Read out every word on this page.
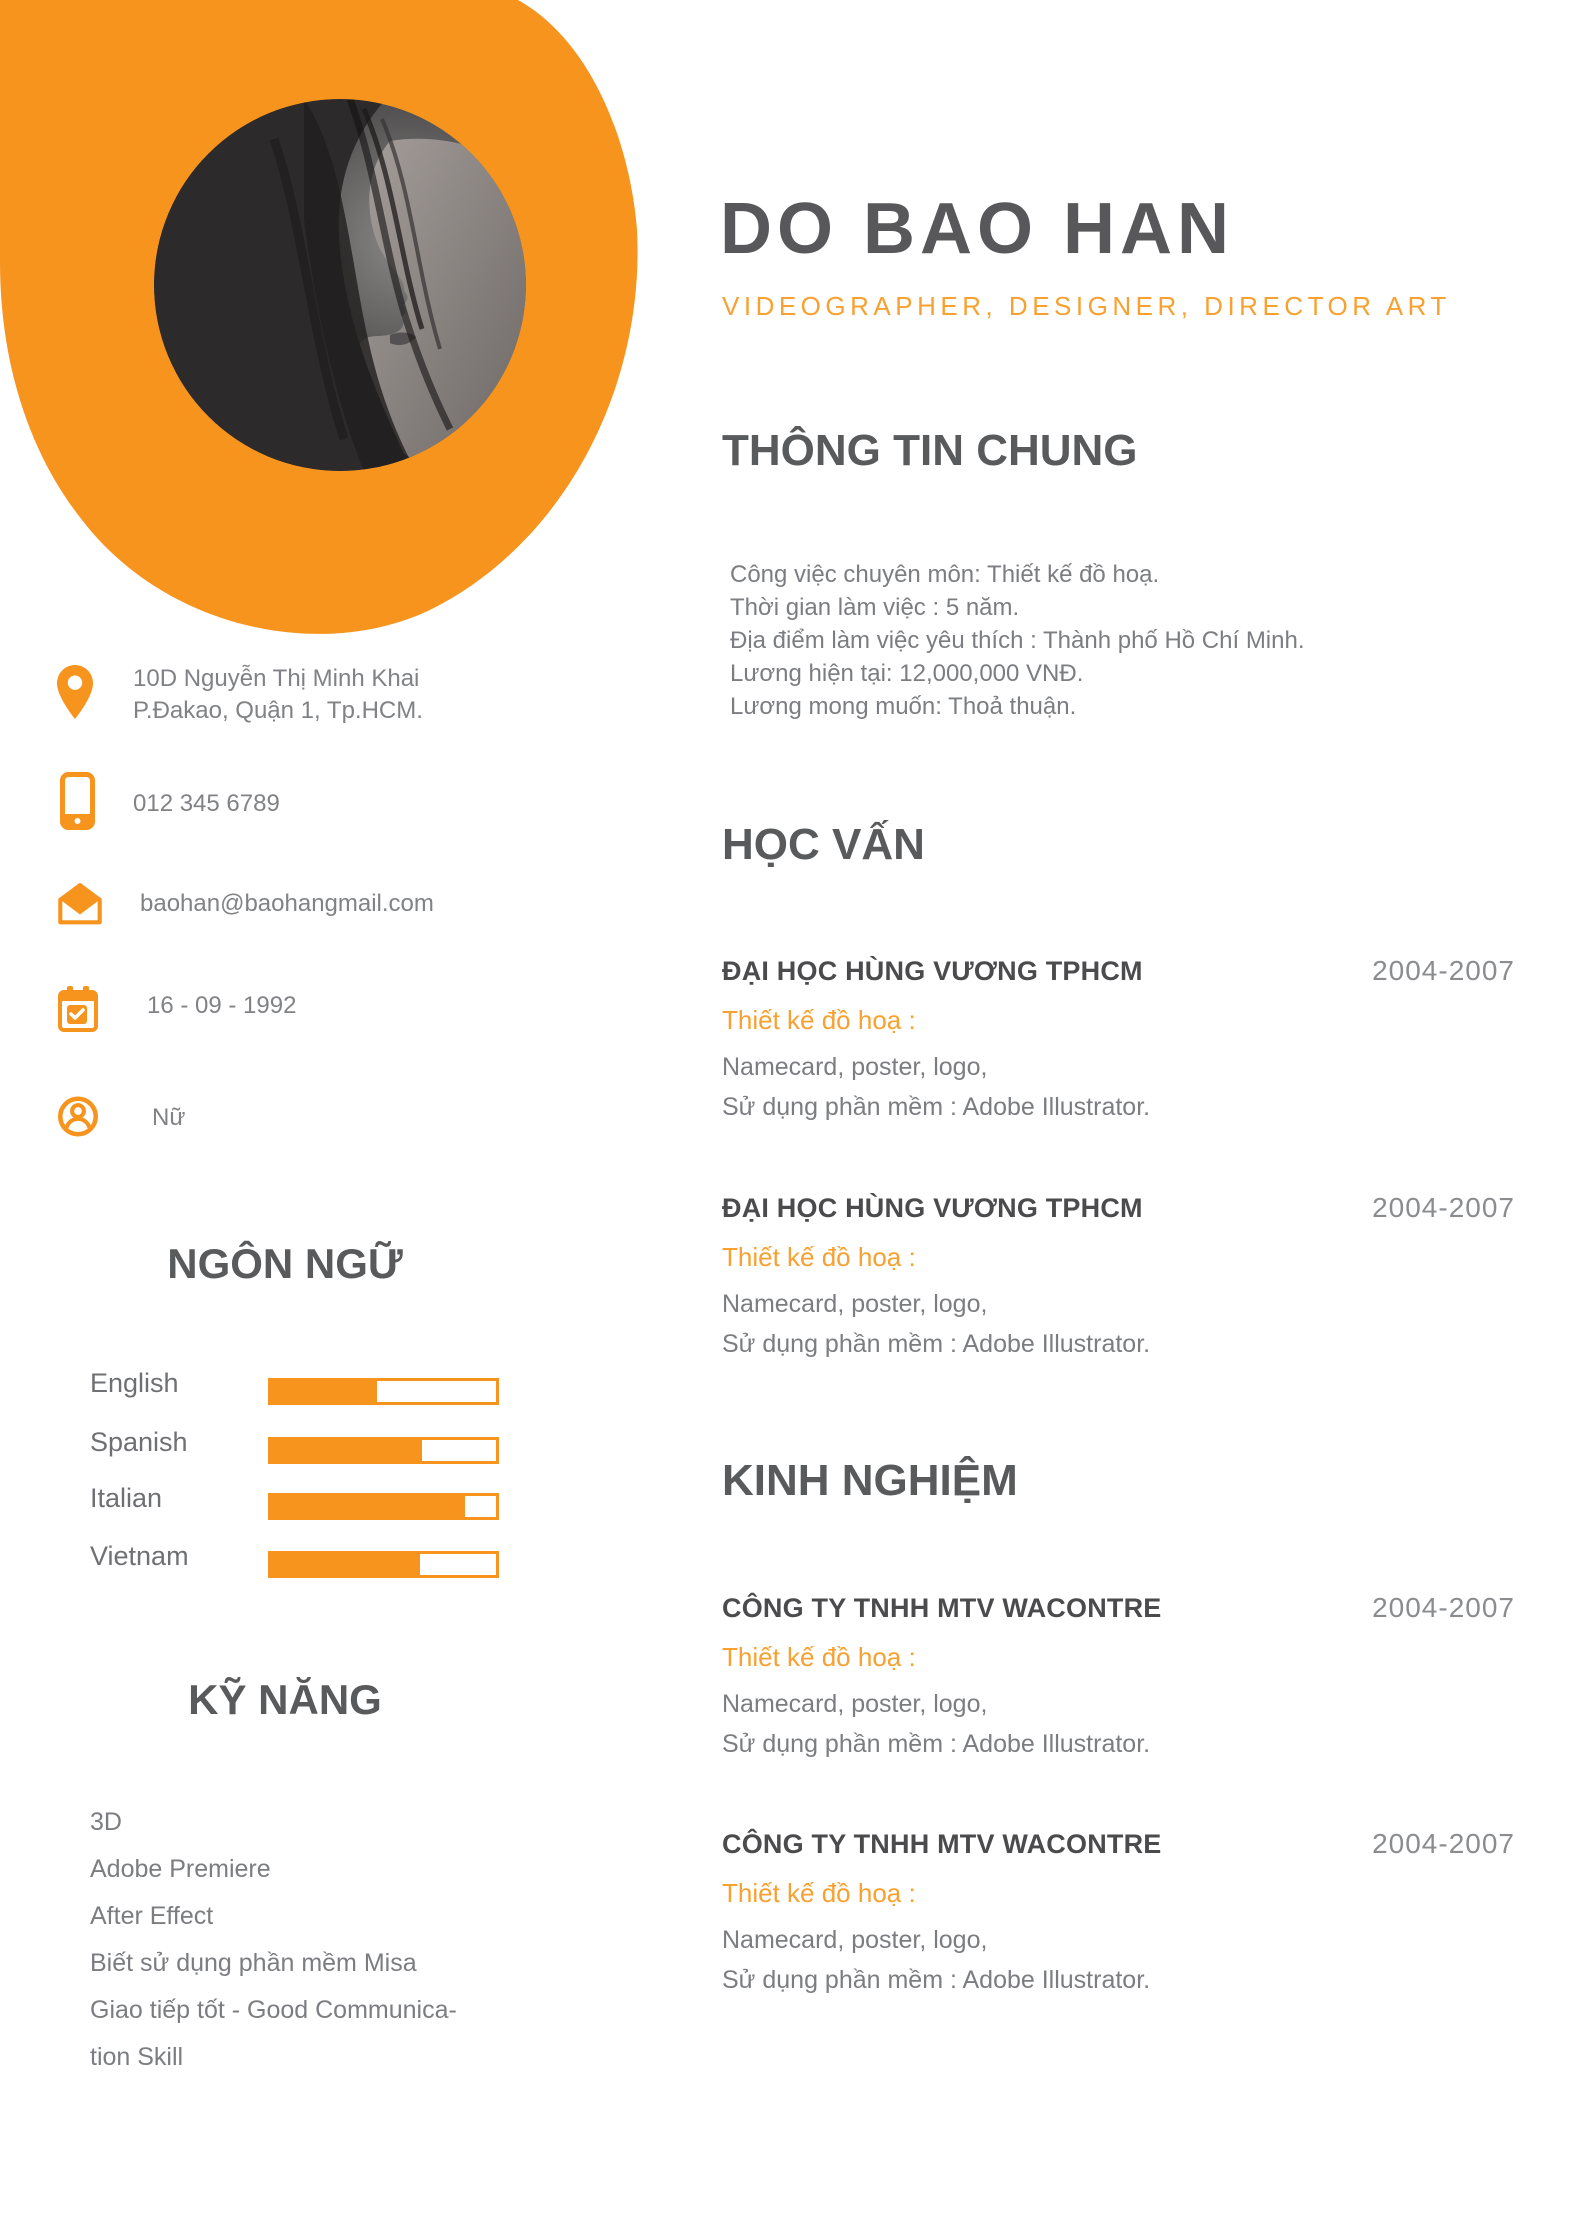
DO BAO HAN
VIDEOGRAPHER, DESIGNER, DIRECTOR ART
THÔNG TIN CHUNG
Công việc chuyên môn: Thiết kế đồ hoạ.
Thời gian làm việc : 5 năm.
Địa điểm làm việc yêu thích : Thành phố Hồ Chí Minh.
Lương hiện tại: 12,000,000 VNĐ.
Lương mong muốn: Thoả thuận.
HỌC VẤN
ĐẠI HỌC HÙNG VƯƠNG TPHCM	2004-2007
Thiết kế đồ hoạ :
Namecard, poster, logo,
Sử dụng phần mềm : Adobe Illustrator.
ĐẠI HỌC HÙNG VƯƠNG TPHCM	2004-2007
Thiết kế đồ hoạ :
Namecard, poster, logo,
Sử dụng phần mềm : Adobe Illustrator.
KINH NGHIỆM
CÔNG TY TNHH MTV WACONTRE	2004-2007
Thiết kế đồ hoạ :
Namecard, poster, logo,
Sử dụng phần mềm : Adobe Illustrator.
CÔNG TY TNHH MTV WACONTRE	2004-2007
Thiết kế đồ hoạ :
Namecard, poster, logo,
Sử dụng phần mềm : Adobe Illustrator.
10D Nguyễn Thị Minh Khai
P.Đakao, Quận 1, Tp.HCM.
012 345 6789
baohan@baohangmail.com
16 - 09 - 1992
Nữ
NGÔN NGỮ
English
Spanish
Italian
Vietnam
KỸ NĂNG
3D
Adobe Premiere
After Effect
Biết sử dụng phần mềm Misa
Giao tiếp tốt - Good Communica-
tion Skill
